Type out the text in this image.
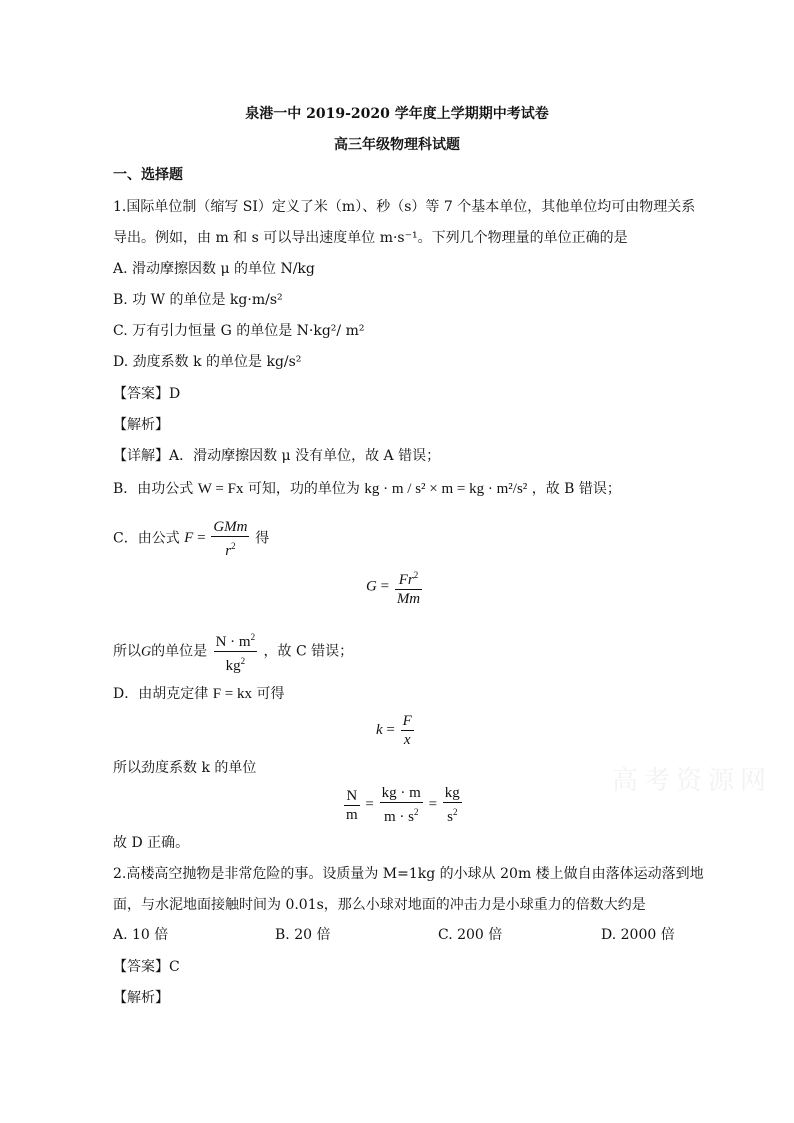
泉港一中 2019-2020 学年度上学期期中考试卷
高三年级物理科试题
一、选择题
1.国际单位制（缩写 SI）定义了米（m）、秒（s）等 7 个基本单位，其他单位均可由物理关系
导出。例如，由 m 和 s 可以导出速度单位 m·s⁻¹。下列几个物理量的单位正确的是
A. 滑动摩擦因数 μ 的单位 N/kg
B. 功 W 的单位是 kg·m/s²
C. 万有引力恒量 G 的单位是 N·kg²/ m²
D. 劲度系数 k 的单位是 kg/s²
【答案】D
【解析】
【详解】A．滑动摩擦因数 μ 没有单位，故 A 错误；
B．由功公式 W = Fx 可知，功的单位为 kg · m / s² × m = kg · m²/s² ，故 B 错误；
C．由公式 $F = \frac{\text{GMm}}{r^2}$ 得
$G = \frac{Fr^2}{Mm}$
所以G的单位是 $\frac{N \cdot m^2}{kg^2}$ ，故 C 错误；
D．由胡克定律 F = kx 可得
$k = \frac{F}{x}$
所以劲度系数 k 的单位
$\frac{N}{m} = \frac{kg \cdot m}{m \cdot s^2} = \frac{kg}{s^2}$
故 D 正确。
2.高楼高空抛物是非常危险的事。设质量为 M=1kg 的小球从 20m 楼上做自由落体运动落到地
面，与水泥地面接触时间为 0.01s，那么小球对地面的冲击力是小球重力的倍数大约是
A. 10 倍	B. 20 倍	C. 200 倍	D. 2000 倍
【答案】C
【解析】
高考资源网
